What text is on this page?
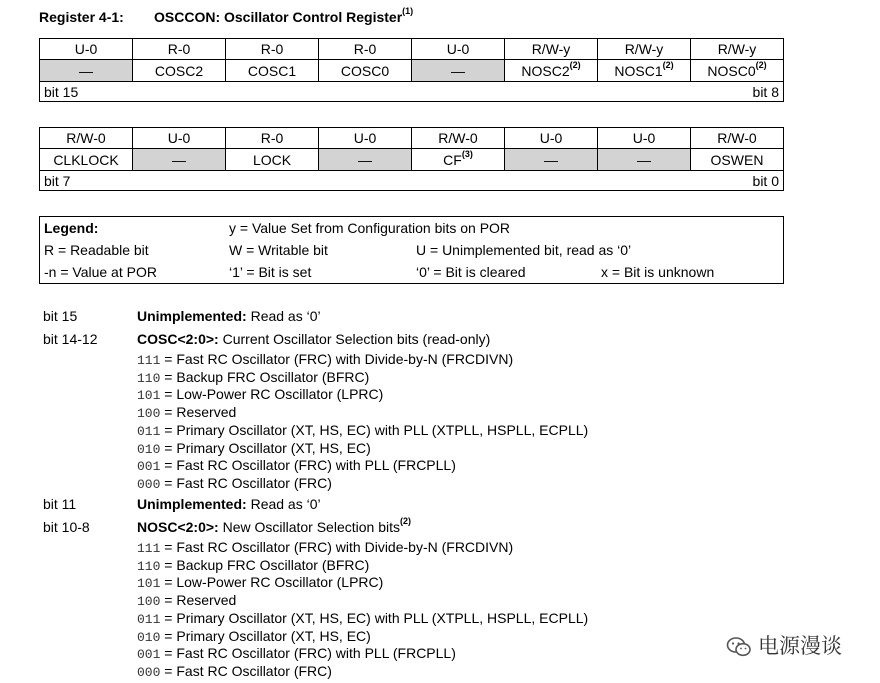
Register 4-1: OSCCON: Oscillator Control Register$^{(1)}$
U-0	R-0	R-0	R-0	U-0	R/W-y	R/W-y	R/W-y
—	COSC2	COSC1	COSC0	—	NOSC2$^{(2)}$	NOSC1$^{(2)}$	NOSC0$^{(2)}$
bit 15 bit 8							
R/W-0	U-0	R-0	U-0	R/W-0	U-0	U-0	R/W-0
CLKLOCK	—	LOCK	—	CF$^{(3)}$	—	—	OSWEN
bit 7 bit 0							
Legend:	y = Value Set from Configuration bits on POR
R = Readable bit	W = Writable bit	U = Unimplemented bit, read as ‘0’
-n = Value at POR	‘1’ = Bit is set	‘0’ = Bit is cleared	x = Bit is unknown
bit 15	Unimplemented: Read as ‘0’
bit 14-12	COSC<2:0>: Current Oscillator Selection bits (read-only)
111 = Fast RC Oscillator (FRC) with Divide-by-N (FRCDIVN)
110 = Backup FRC Oscillator (BFRC)
101 = Low-Power RC Oscillator (LPRC)
100 = Reserved
011 = Primary Oscillator (XT, HS, EC) with PLL (XTPLL, HSPLL, ECPLL)
010 = Primary Oscillator (XT, HS, EC)
001 = Fast RC Oscillator (FRC) with PLL (FRCPLL)
000 = Fast RC Oscillator (FRC)
bit 11	Unimplemented: Read as ‘0’
bit 10-8	NOSC<2:0>: New Oscillator Selection bits$^{(2)}$
111 = Fast RC Oscillator (FRC) with Divide-by-N (FRCDIVN)
110 = Backup FRC Oscillator (BFRC)
101 = Low-Power RC Oscillator (LPRC)
100 = Reserved
011 = Primary Oscillator (XT, HS, EC) with PLL (XTPLL, HSPLL, ECPLL)
010 = Primary Oscillator (XT, HS, EC)
001 = Fast RC Oscillator (FRC) with PLL (FRCPLL)
000 = Fast RC Oscillator (FRC)
电源漫谈
